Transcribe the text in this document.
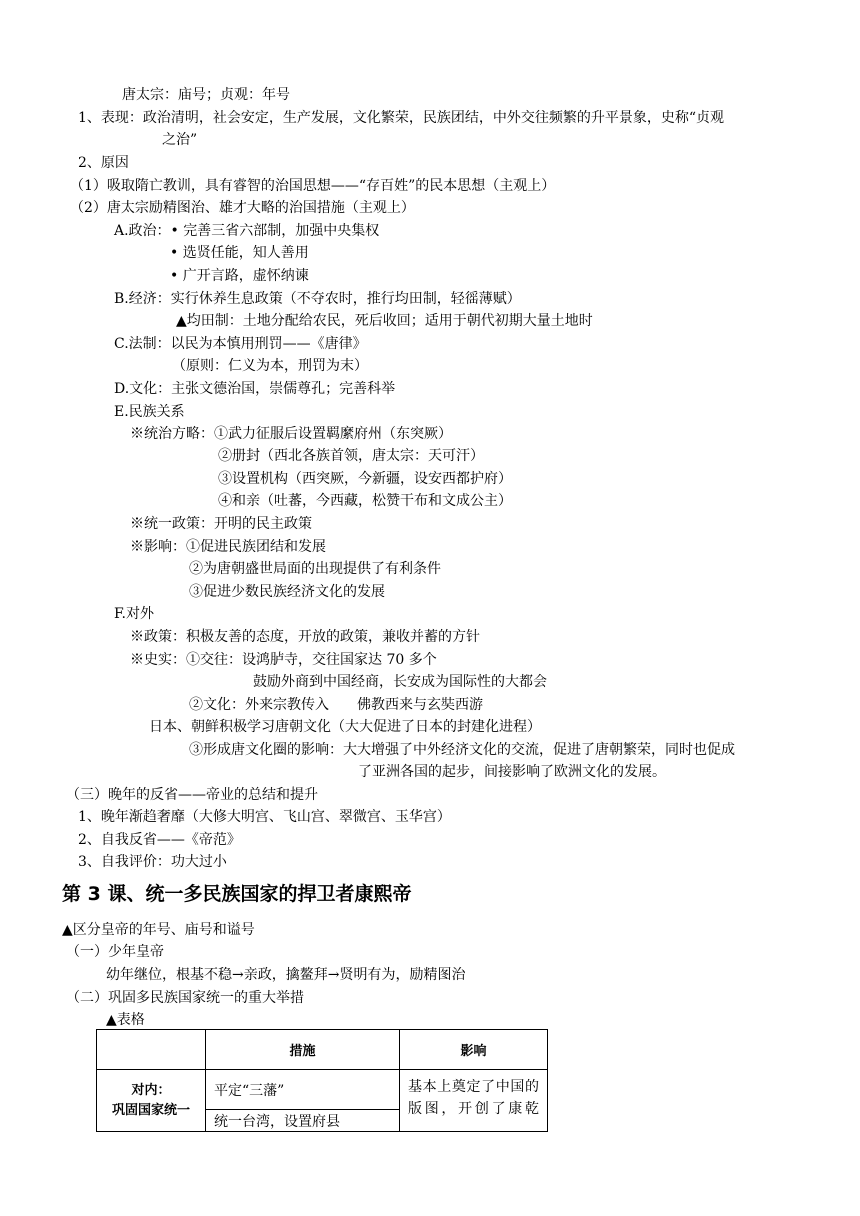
唐太宗：庙号；贞观：年号
1、表现：政治清明，社会安定，生产发展，文化繁荣，民族团结，中外交往频繁的升平景象，史称“贞观
之治”
2、原因
（1）吸取隋亡教训，具有睿智的治国思想——“存百姓”的民本思想（主观上）
（2）唐太宗励精图治、雄才大略的治国措施（主观上）
A.政治：• 完善三省六部制，加强中央集权
• 选贤任能，知人善用
• 广开言路，虚怀纳谏
B.经济：实行休养生息政策（不夺农时，推行均田制，轻徭薄赋）
▲均田制：土地分配给农民，死后收回；适用于朝代初期大量土地时
C.法制：以民为本慎用刑罚——《唐律》
（原则：仁义为本，刑罚为末）
D.文化：主张文德治国，崇儒尊孔；完善科举
E.民族关系
※统治方略：①武力征服后设置羁縻府州（东突厥）
②册封（西北各族首领，唐太宗：天可汗）
③设置机构（西突厥，今新疆，设安西都护府）
④和亲（吐蕃，今西藏，松赞干布和文成公主）
※统一政策：开明的民主政策
※影响：①促进民族团结和发展
②为唐朝盛世局面的出现提供了有利条件
③促进少数民族经济文化的发展
F.对外
※政策：积极友善的态度，开放的政策，兼收并蓄的方针
※史实：①交往：设鸿胪寺，交往国家达 70 多个
鼓励外商到中国经商，长安成为国际性的大都会
②文化：外来宗教传入　　佛教西来与玄奘西游
日本、朝鲜积极学习唐朝文化（大大促进了日本的封建化进程）
③形成唐文化圈的影响：大大增强了中外经济文化的交流，促进了唐朝繁荣，同时也促成
了亚洲各国的起步，间接影响了欧洲文化的发展。
（三）晚年的反省——帝业的总结和提升
1、晚年渐趋奢靡（大修大明宫、飞山宫、翠微宫、玉华宫）
2、自我反省——《帝范》
3、自我评价：功大过小
第 3 课、统一多民族国家的捍卫者康熙帝
▲区分皇帝的年号、庙号和谥号
（一）少年皇帝
幼年继位，根基不稳→亲政，擒鳌拜→贤明有为，励精图治
（二）巩固多民族国家统一的重大举措
▲表格
	措施	影响

对内：
巩固国家统一	平定“三藩”	基本上奠定了中国的版图，开创了康乾
	统一台湾，设置府县	
